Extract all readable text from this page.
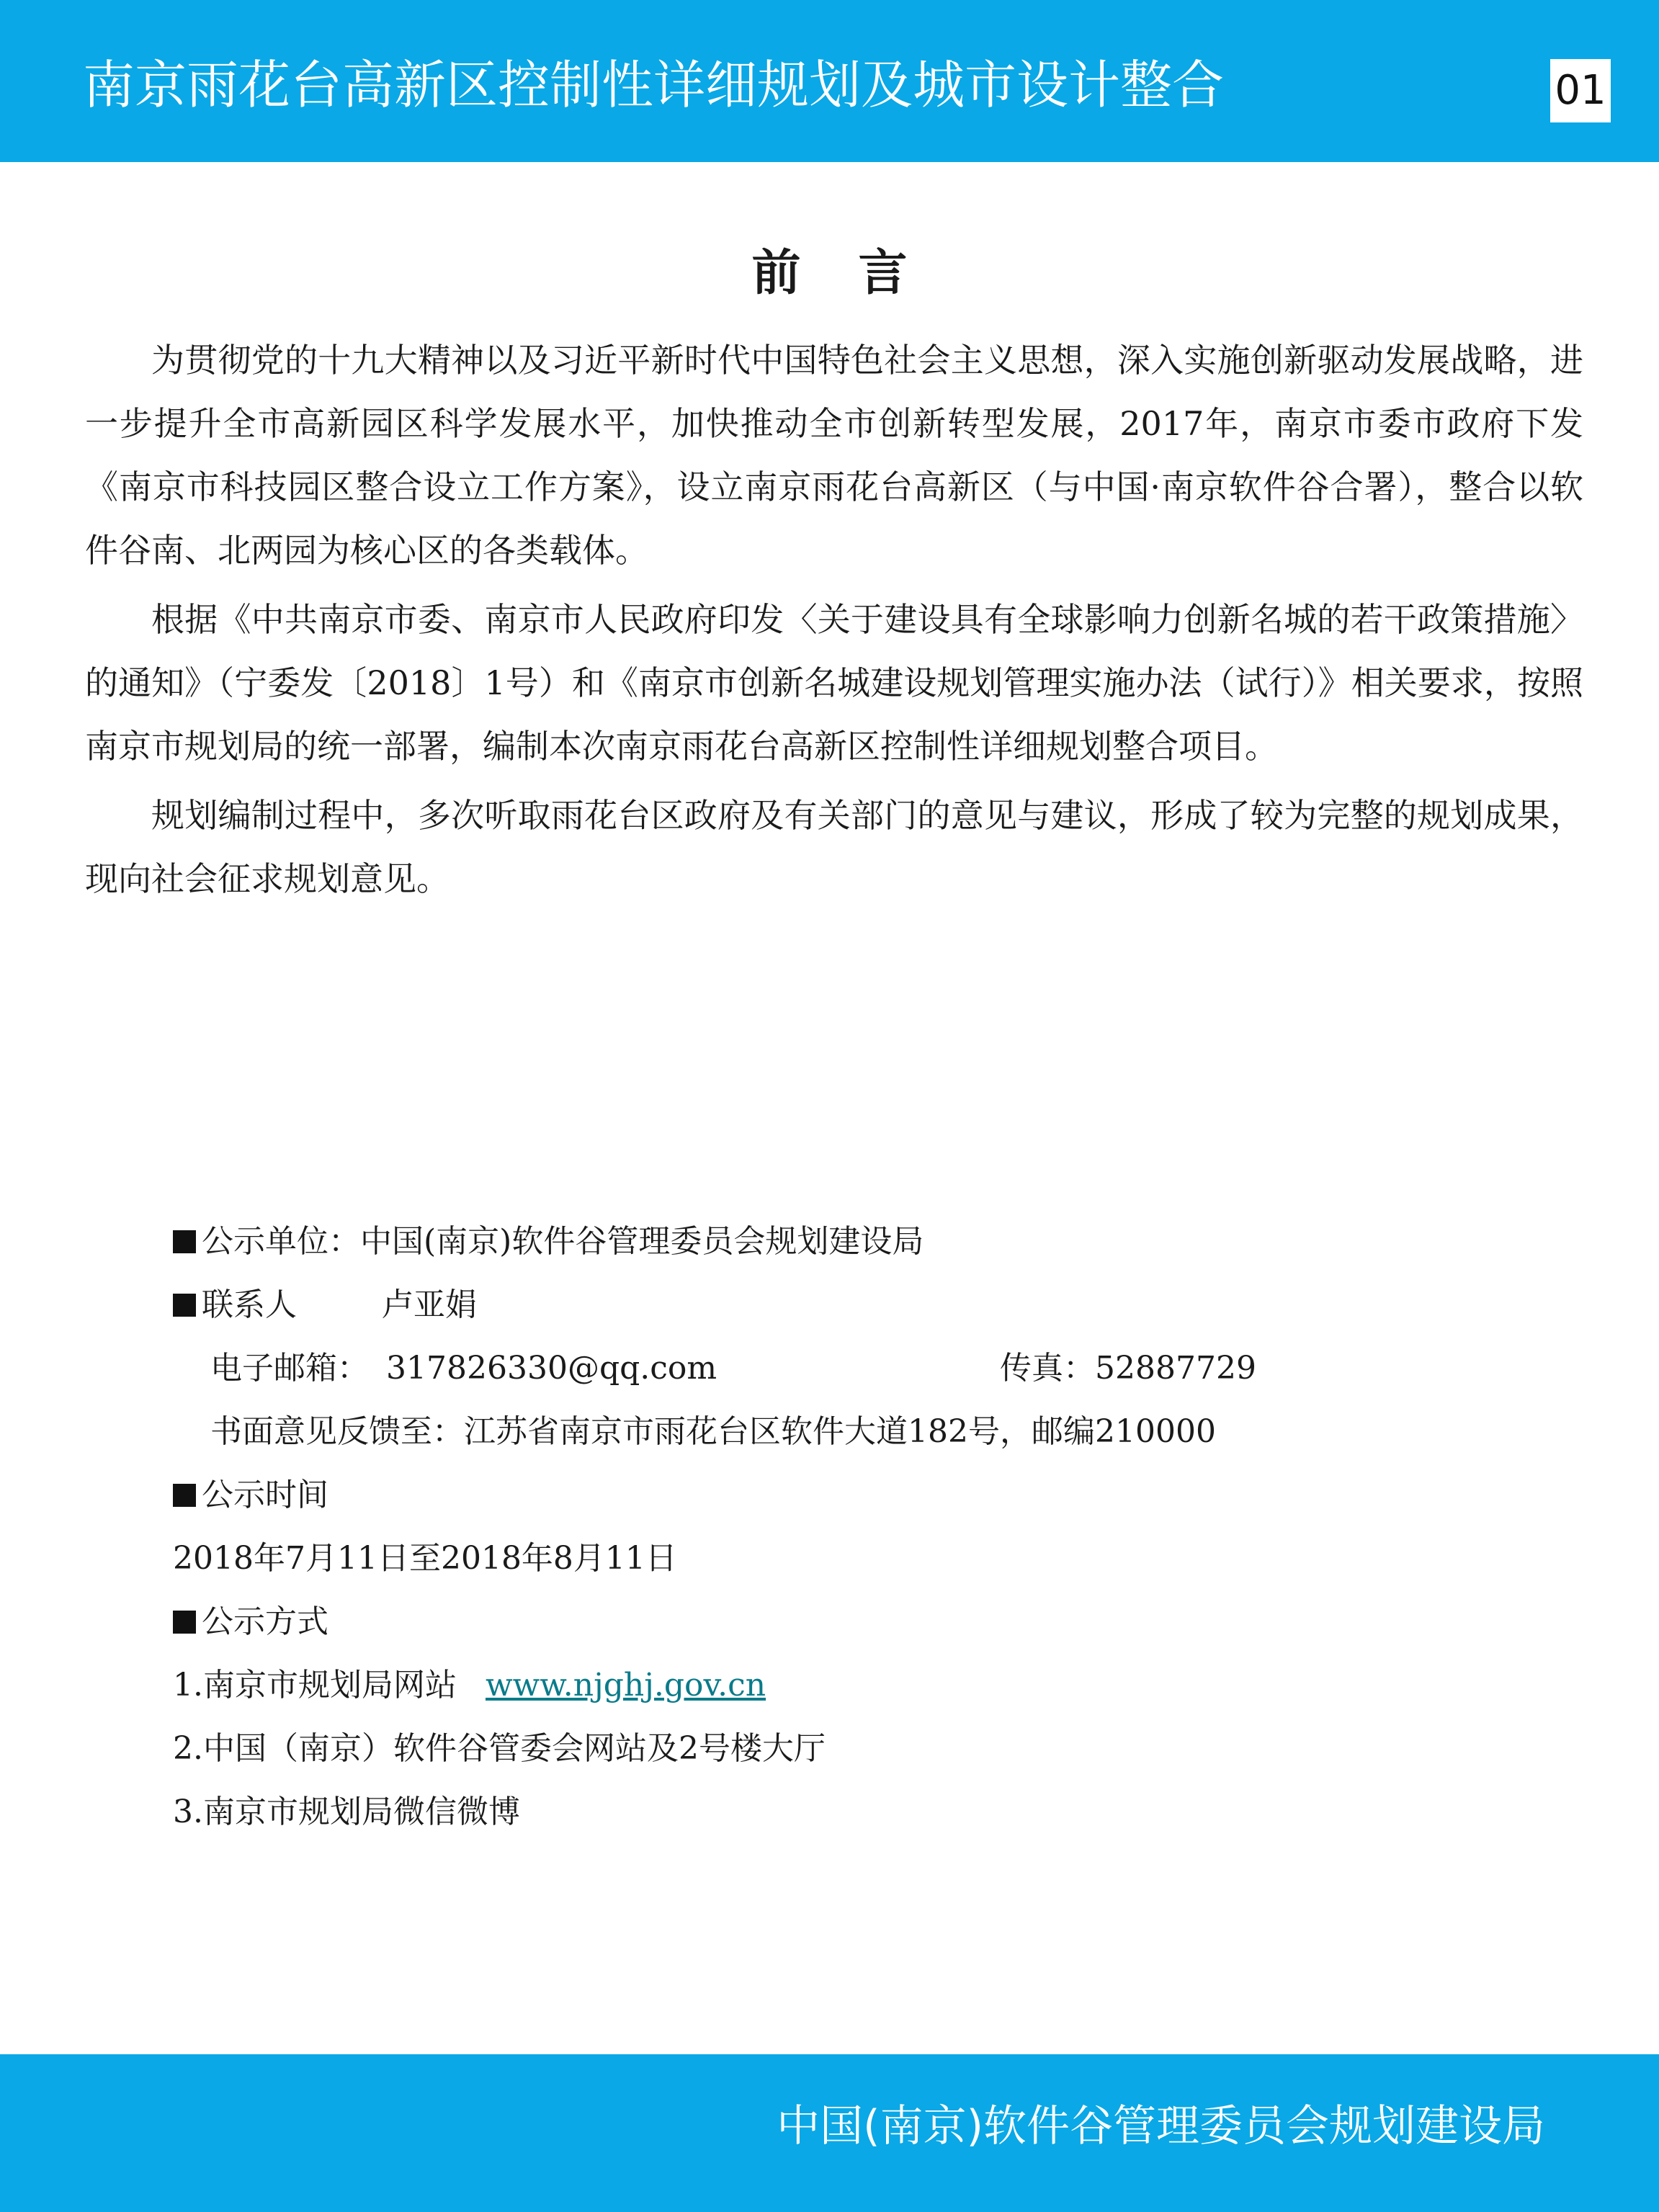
南京雨花台高新区控制性详细规划及城市设计整合	01
前言

为贯彻党的十九大精神以及习近平新时代中国特色社会主义思想，深入实施创新驱动发展战略，进一步提升全市高新园区科学发展水平，加快推动全市创新转型发展，2017年，南京市委市政府下发《南京市科技园区整合设立工作方案》，设立南京雨花台高新区（与中国·南京软件谷合署），整合以软件谷南、北两园为核心区的各类载体。

根据《中共南京市委、南京市人民政府印发〈关于建设具有全球影响力创新名城的若干政策措施〉的通知》（宁委发〔2018〕1号）和《南京市创新名城建设规划管理实施办法（试行）》相关要求，按照南京市规划局的统一部署，编制本次南京雨花台高新区控制性详细规划整合项目。

规划编制过程中，多次听取雨花台区政府及有关部门的意见与建议，形成了较为完整的规划成果，现向社会征求规划意见。

公示单位：中国(南京)软件谷管理委员会规划建设局
联系人	卢亚娟
电子邮箱： 317826330@qq.com	传真：52887729
书面意见反馈至：江苏省南京市雨花台区软件大道182号，邮编210000
公示时间
2018年7月11日至2018年8月11日
公示方式
1.南京市规划局网站 www.njghj.gov.cn
2.中国（南京）软件谷管委会网站及2号楼大厅
3.南京市规划局微信微博
中国(南京)软件谷管理委员会规划建设局
